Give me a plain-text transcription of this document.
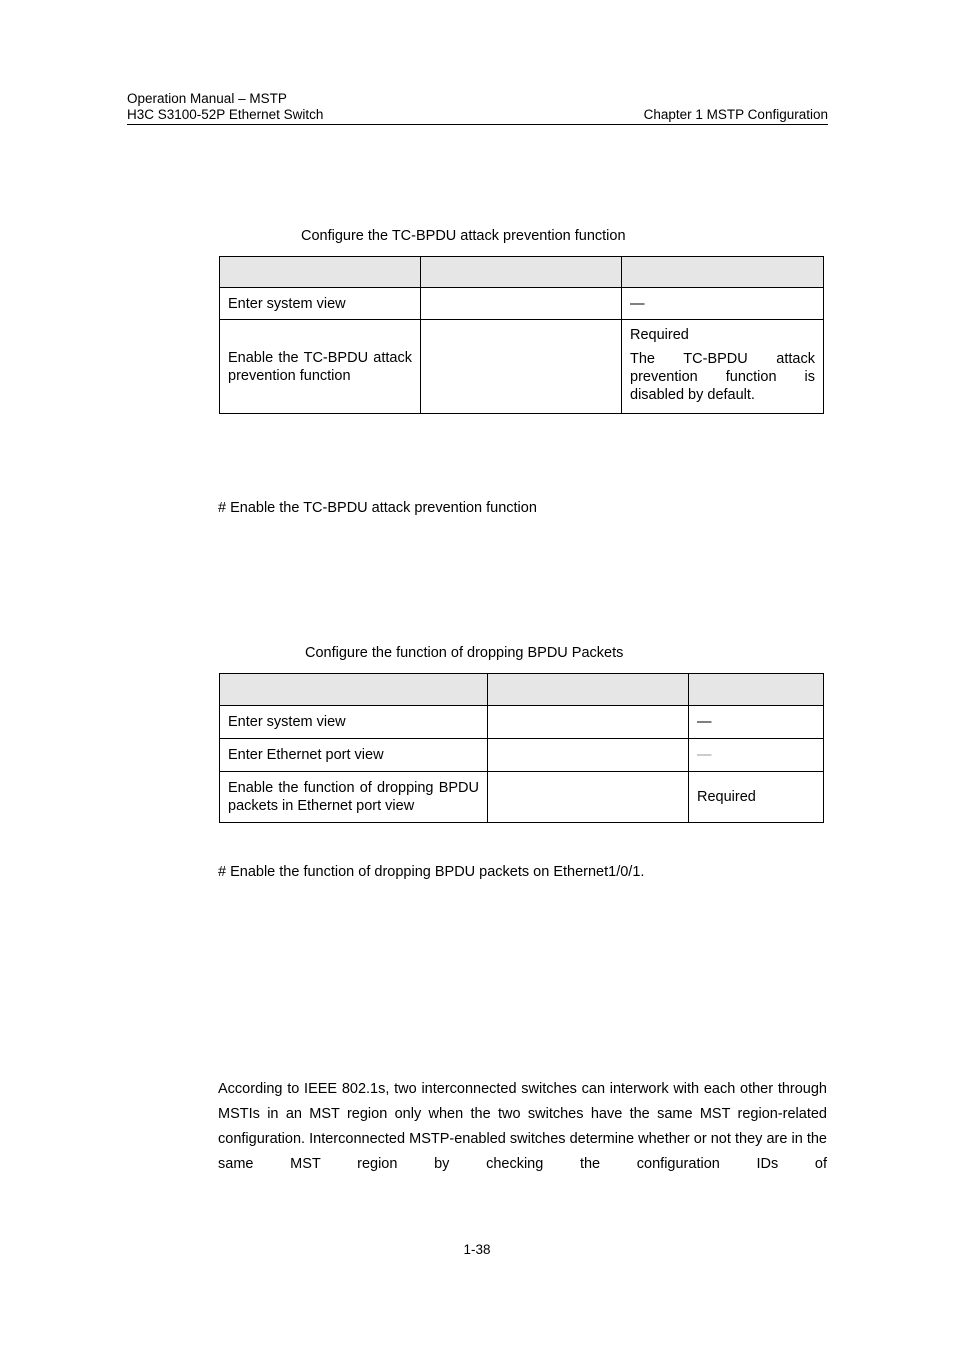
Operation Manual – MSTP
H3C S3100-52P Ethernet Switch	Chapter 1 MSTP Configuration
Configure the TC-BPDU attack prevention function

Enter system view		—
Enable the TC-BPDU attack prevention function		Required
The TC-BPDU attack prevention function is disabled by default.
# Enable the TC-BPDU attack prevention function
Configure the function of dropping BPDU Packets

Enter system view		—
Enter Ethernet port view		—
Enable the function of dropping BPDU packets in Ethernet port view		Required
# Enable the function of dropping BPDU packets on Ethernet1/0/1.
According to IEEE 802.1s, two interconnected switches can interwork with each other through MSTIs in an MST region only when the two switches have the same MST region-related configuration. Interconnected MSTP-enabled switches determine whether or not they are in the same MST region by checking the configuration IDs of
1-38
